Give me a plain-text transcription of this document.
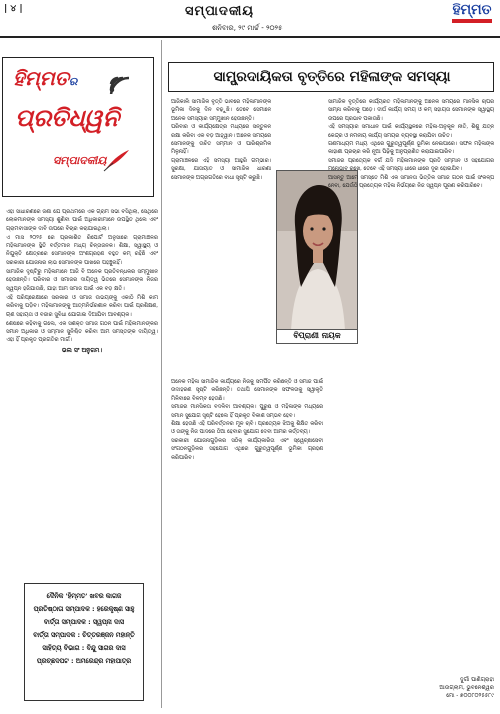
| ୪ |	ସମ୍ପାଦକୀୟ
ଶନିବାର, ୨୯ ମାର୍ଚ୍ଚ - ୨୦୨୫
ହିମ୍ମତ
ହିମ୍ମତର
ପ୍ରତିଧ୍ୱନି
ସମ୍ପାଦକୀୟ

ଏହା ସାଧାରଣରେ ଜଣା ଯେ ପ୍ରଥମରେ ଏକ ଗ୍ରାମ ସଭା ବସିଥିଲା, ସେଥିରେ ଲୋକମାନଙ୍କ ସମସ୍ୟା ଶୁଣିବା ପାଇଁ ଅଧିକାରୀମାନେ ଉପସ୍ଥିତ ଥିଲେ ଏବଂ ଗ୍ରାମବାସୀଙ୍କ ଦାବି ଉପରେ ବିଚାର କରାଯାଇଥିଲା।

ଏ ମାସ ୨୦୨୫ ରେ ପ୍ରକାଶିତ ରିପୋର୍ଟ ଅନୁସାରେ ଗ୍ରାମାଞ୍ଚଳର ମହିଳାମାନଙ୍କ ସ୍ଥିତି ବର୍ତ୍ତମାନ ମଧ୍ୟ ଚିନ୍ତାଜନକ। ଶିକ୍ଷା, ସ୍ୱାସ୍ଥ୍ୟ ଓ ନିଯୁକ୍ତି କ୍ଷେତ୍ରରେ ସେମାନଙ୍କ ଅଂଶଗ୍ରହଣ ବହୁତ କମ୍ ରହିଛି ଏବଂ ସରକାରୀ ଯୋଜନାର ଲାଭ ସେମାନଙ୍କ ପାଖରେ ପହଞ୍ଚୁନାହିଁ।

ସାମାଜିକ ଦୃଷ୍ଟିରୁ ମହିଳାମାନେ ଆଜି ବି ଅନେକ ପ୍ରତିବନ୍ଧକର ସମ୍ମୁଖୀନ ହେଉଛନ୍ତି। ପରିବାର ଓ ସମାଜର ଦାୟିତ୍ୱ ଭିତରେ ସେମାନଙ୍କ ନିଜର ସ୍ୱପ୍ନ ହଜିଯାଉଛି, ଯାହା ଆମ ସମାଜ ପାଇଁ ଏକ ବଡ଼ କ୍ଷତି।

ଏହି ପରିପ୍ରେକ୍ଷୀରେ ସରକାର ଓ ସମାଜ ଉଭୟଙ୍କୁ ଏକାଠି ମିଶି କାମ କରିବାକୁ ପଡ଼ିବ। ମହିଳାମାନଙ୍କୁ ଆତ୍ମନିର୍ଭରଶୀଳ କରିବା ପାଇଁ ପ୍ରଶିକ୍ଷଣ, ଋଣ ସହାୟତା ଓ ବଜାର ସୁବିଧା ଯୋଗାଇ ଦିଆଯିବା ଆବଶ୍ୟକ।

ଶେଷରେ କହିବାକୁ ଗଲେ, ଏକ ସଶକ୍ତ ସମାଜ ଗଠନ ପାଇଁ ମହିଳାମାନଙ୍କର ସମାନ ଅଧିକାର ଓ ସମ୍ମାନ ସୁନିଶ୍ଚିତ କରିବା ଆମ ସମସ୍ତଙ୍କ ଦାୟିତ୍ୱ। ଏହା ହିଁ ପ୍ରକୃତ ପ୍ରଗତିର ମାର୍ଗ।

ଭଲ ସଂ ଅନୁଗମ।

ଦୈନିକ 'ହିମ୍ମତ' ଖବର କାଗଜ
ପ୍ରତିଷ୍ଠାତା ସମ୍ପାଦକ : ହରେକୃଷ୍ଣ ସାହୁ
ବାର୍ତ୍ତା ସମ୍ପାଦକ : ସ୍ୱପ୍ନା ଦାସ
ବାର୍ତ୍ତା ସମ୍ପାଦକ : ଚିତ୍ତରଞ୍ଜନ ମହାନ୍ତି
ସାହିତ୍ୟ ବିଭାଗ : ବିନ୍ଦୁ ସାଗର ଦାସ
ପ୍ରଚ୍ଛଦପଟ : ଅମରେନ୍ଦ୍ର ମହାପାତ୍ର
ସାମ୍ପ୍ରଦାୟିକତା ବୃତ୍ତିରେ ମହିଳାଙ୍କ ସମସ୍ୟା

ଆଜିକାଲି ସାମାଜିକ ବୃତ୍ତି ଭାବରେ ମହିଳାମାନଙ୍କ ଭୂମିକା ଦିନକୁ ଦିନ ବଢ଼ୁଛି। ତେବେ ସେମାନେ ଅନେକ ସମସ୍ୟାର ସମ୍ମୁଖୀନ ହେଉଛନ୍ତି।

ପରିବାର ଓ କାର୍ଯ୍ୟକ୍ଷେତ୍ର ମଧ୍ୟରେ ସନ୍ତୁଳନ ରକ୍ଷା କରିବା ଏକ ବଡ଼ ଆହ୍ୱାନ। ଅନେକ ସମୟରେ ସେମାନଙ୍କୁ ଉଚିତ ସମ୍ମାନ ଓ ପାରିଶ୍ରମିକ ମିଳୁନାହିଁ।

ଗ୍ରାମାଞ୍ଚଳରେ ଏହି ସମସ୍ୟା ଆହୁରି ଗମ୍ଭୀର। ସୁରକ୍ଷା, ଯାତାୟାତ ଓ ସାମାଜିକ ଧାରଣା ସେମାନଙ୍କ ଅଗ୍ରଗତିରେ ବାଧା ସୃଷ୍ଟି କରୁଛି।

ବିପ୍ରାଣୀ ନାୟକ

ଅନେକ ମହିଳା ସାମାଜିକ କାର୍ଯ୍ୟରେ ନିଜକୁ ସମର୍ପିତ କରିଛନ୍ତି ଓ ସମାଜ ପାଇଁ ଉଦାହରଣ ସୃଷ୍ଟି କରିଛନ୍ତି। ତଥାପି ସେମାନଙ୍କ ସଫଳତାକୁ ସ୍ୱୀକୃତି ମିଳିବାରେ ବିଳମ୍ବ ହେଉଛି।

ସମାଜର ମାନସିକତା ବଦଳିବା ଆବଶ୍ୟକ। ପୁରୁଷ ଓ ମହିଳାଙ୍କ ମଧ୍ୟରେ ସମାନ ସୁଯୋଗ ସୃଷ୍ଟି ହେଲେ ହିଁ ପ୍ରକୃତ ବିକାଶ ସମ୍ଭବ ହେବ।

ଶିକ୍ଷା ହେଉଛି ଏହି ପରିବର୍ତ୍ତନର ମୂଳ ଚାବି। ପ୍ରତ୍ୟେକ ଝିଅକୁ ଶିକ୍ଷିତ କରିବା ଓ ତାଙ୍କୁ ନିଜ ପାଦରେ ଠିଆ ହେବାର ସୁଯୋଗ ଦେବା ଆମର କର୍ତ୍ତବ୍ୟ।

ସରକାରୀ ଯୋଜନାଗୁଡ଼ିକର ସଠିକ୍ କାର୍ଯ୍ୟକାରିତା ଏବଂ ସ୍ୱେଚ୍ଛାସେବୀ ସଂଗଠନଗୁଡ଼ିକର ସହଯୋଗ ଏଥିରେ ଗୁରୁତ୍ୱପୂର୍ଣ୍ଣ ଭୂମିକା ଗ୍ରହଣ କରିପାରିବ।

ସାମାଜିକ ବୃତ୍ତିରେ କାର୍ଯ୍ୟରତ ମହିଳାମାନଙ୍କୁ ଅନେକ ସମୟରେ ମାନସିକ ଚାପର ସାମ୍ନା କରିବାକୁ ପଡ଼େ। ଦୀର୍ଘ କାର୍ଯ୍ୟ ସମୟ ଓ କମ୍ ସହାୟତା ସେମାନଙ୍କ ସ୍ୱାସ୍ଥ୍ୟ ଉପରେ ପ୍ରଭାବ ପକାଉଛି।

ଏହି ସମସ୍ୟାର ସମାଧାନ ପାଇଁ କାର୍ଯ୍ୟସ୍ଥଳରେ ମହିଳା-ଅନୁକୂଳ ନୀତି, ଶିଶୁ ଯତ୍ନ କେନ୍ଦ୍ର ଓ ନମନୀୟ କାର୍ଯ୍ୟ ସମୟର ବ୍ୟବସ୍ଥା କରାଯିବା ଉଚିତ।

ଗଣମାଧ୍ୟମ ମଧ୍ୟ ଏଥିରେ ଗୁରୁତ୍ୱପୂର୍ଣ୍ଣ ଭୂମିକା ନେଇପାରେ। ସଫଳ ମହିଳାଙ୍କ କାହାଣୀ ପ୍ରଚାର କରି ନୂଆ ପିଢ଼ିକୁ ଅନୁପ୍ରାଣିତ କରାଯାଇପାରିବ।

ସମାଜର ପ୍ରତ୍ୟେକ ବର୍ଗ ଯଦି ମହିଳାମାନଙ୍କ ପ୍ରତି ସମ୍ମାନ ଓ ସହଯୋଗର ମନୋଭାବ ରଖେ, ତେବେ ଏହି ସମସ୍ୟା ଧୀରେ ଧୀରେ ଦୂର ହୋଇଯିବ।

ଆସନ୍ତୁ ଆମେ ସମସ୍ତେ ମିଶି ଏକ ସମାନତା ଭିତ୍ତିକ ସମାଜ ଗଠନ ପାଇଁ ସଂକଳ୍ପ ନେବା, ଯେଉଁଠି ପ୍ରତ୍ୟେକ ମହିଳା ନିର୍ଭୟରେ ନିଜ ସ୍ୱପ୍ନ ପୂରଣ କରିପାରିବେ।

ଦୁର୍ଗା ପାଣିଗ୍ରାହୀ
ଆଉଗ୍ଲାମ, ଭୁବନେଶ୍ୱର
ମୋ - ୭୦୦୮୦୨୫୫୮୯
